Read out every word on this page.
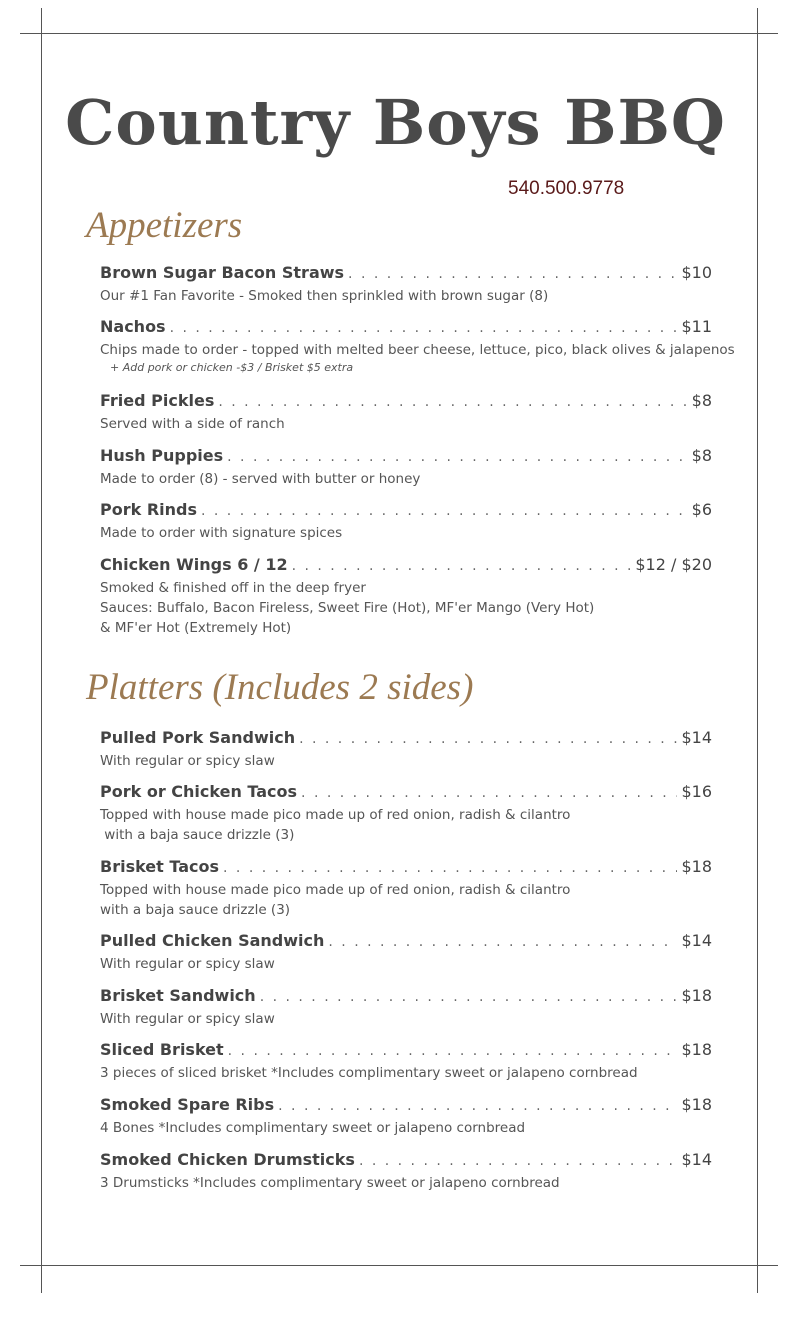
Country Boys BBQ
540.500.9778
Appetizers
Brown Sugar Bacon Straws . . .	$10
Our #1 Fan Favorite - Smoked then sprinkled with brown sugar (8)
Nachos . . .	$11
Chips made to order - topped with melted beer cheese, lettuce, pico, black olives & jalapenos
+ Add pork or chicken -$3 / Brisket $5 extra
Fried Pickles . . .	$8
Served with a side of ranch
Hush Puppies . . .	$8
Made to order (8) - served with butter or honey
Pork Rinds . . .	$6
Made to order with signature spices
Chicken Wings 6 / 12 . . .	$12 / $20
Smoked & finished off in the deep fryer
Sauces: Buffalo, Bacon Fireless, Sweet Fire (Hot), MF'er Mango (Very Hot)
& MF'er Hot (Extremely Hot)
Platters (Includes 2 sides)
Pulled Pork Sandwich . . .	$14
With regular or spicy slaw
Pork or Chicken Tacos . . .	$16
Topped with house made pico made up of red onion, radish & cilantro
with a baja sauce drizzle (3)
Brisket Tacos . . .	$18
Topped with house made pico made up of red onion, radish & cilantro
with a baja sauce drizzle (3)
Pulled Chicken Sandwich . . .	$14
With regular or spicy slaw
Brisket Sandwich . . .	$18
With regular or spicy slaw
Sliced Brisket . . .	$18
3 pieces of sliced brisket *Includes complimentary sweet or jalapeno cornbread
Smoked Spare Ribs . . .	$18
4 Bones *Includes complimentary sweet or jalapeno cornbread
Smoked Chicken Drumsticks . . .	$14
3 Drumsticks *Includes complimentary sweet or jalapeno cornbread
